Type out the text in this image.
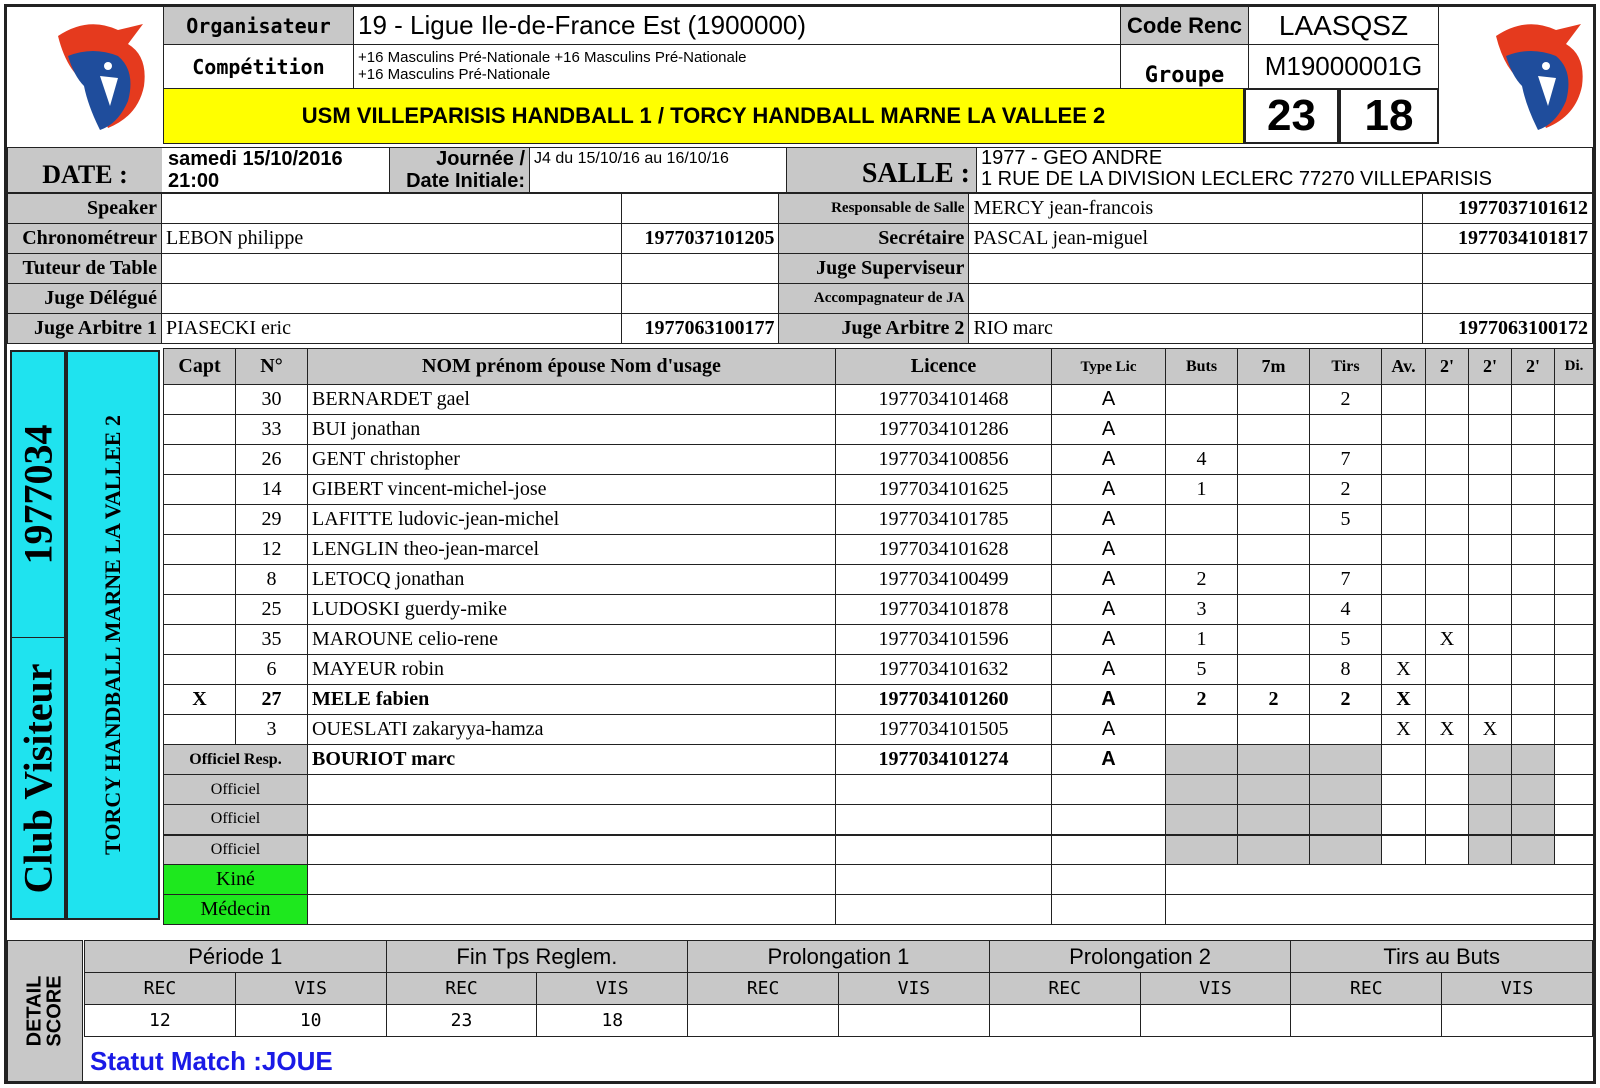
Organisateur	19 - Ligue Ile-de-France Est (1900000)	Code Renc	LAASQSZ
Compétition	+16 Masculins Pré-Nationale +16 Masculins Pré-Nationale
+16 Masculins Pré-Nationale	Groupe	M19000001G
USM VILLEPARISIS HANDBALL 1 / TORCY HANDBALL MARNE LA VALLEE 2	23	18
DATE :
samedi 15/10/2016
21:00
Journée /
Date Initiale:
J4 du 15/10/16 au 16/10/16	SALLE : 1977 - GEO ANDRE
1 RUE DE LA DIVISION LECLERC 77270 VILLEPARISIS
Speaker			Responsable de Salle	MERCY jean-francois	1977037101612
Chronométreur	LEBON philippe	1977037101205	Secrétaire	PASCAL jean-miguel	1977034101817
Tuteur de Table			Juge Superviseur		
Juge Délégué			Accompagnateur de JA		
Juge Arbitre 1	PIASECKI eric	1977063100177	Juge Arbitre 2	RIO marc	1977063100172
1977034
Club Visiteur TORCY HANDBALL MARNE LA VALLEE 2
Capt	N°	NOM prénom épouse Nom d'usage	Licence	Type Lic	Buts	7m	Tirs	Av.	2'	2'	2'	Di.
	30	BERNARDET gael	1977034101468	A			2					
	33	BUI jonathan	1977034101286	A								
	26	GENT christopher	1977034100856	A	4		7					
	14	GIBERT vincent-michel-jose	1977034101625	A	1		2					
	29	LAFITTE ludovic-jean-michel	1977034101785	A			5					
	12	LENGLIN theo-jean-marcel	1977034101628	A								
	8	LETOCQ jonathan	1977034100499	A	2		7					
	25	LUDOSKI guerdy-mike	1977034101878	A	3		4					
	35	MAROUNE celio-rene	1977034101596	A	1		5		X			
	6	MAYEUR robin	1977034101632	A	5		8	X				
X	27	MELE fabien	1977034101260	A	2	2	2	X				
	3	OUESLATI zakaryya-hamza	1977034101505	A				X	X	X		
Officiel Resp.		BOURIOT marc	1977034101274	A								
Officiel												
Officiel												
Officiel												
Kiné												
Médecin												
DETAIL
SCORE
Période 1		Fin Tps Reglem.		Prolongation 1		Prolongation 2		Tirs au Buts	
REC	VIS	REC	VIS	REC	VIS	REC	VIS	REC	VIS
12	10	23	18						
Statut Match :JOUE
